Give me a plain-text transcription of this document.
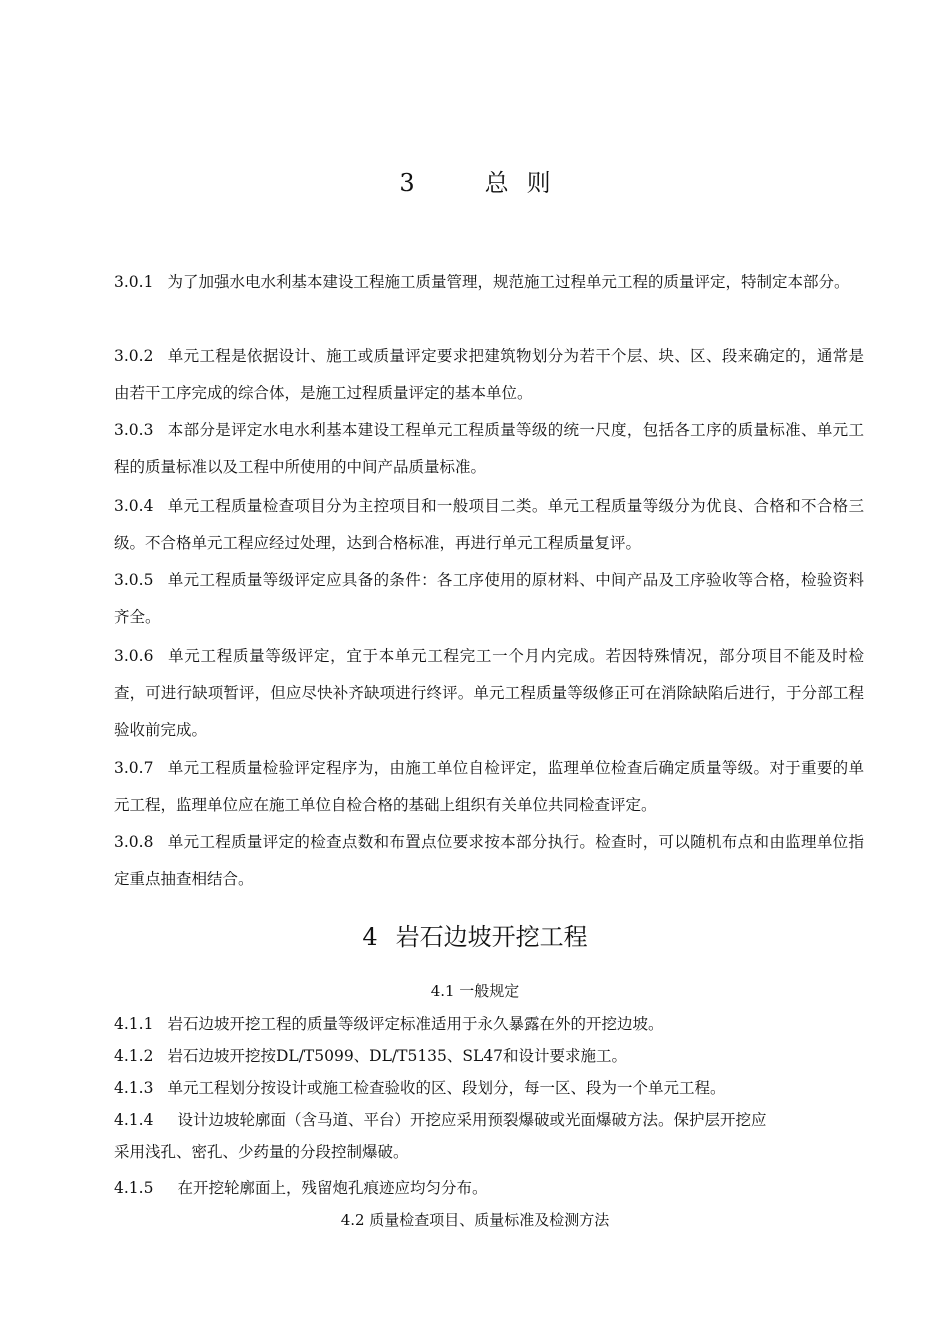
3	总则
3.0.1 为了加强水电水利基本建设工程施工质量管理，规范施工过程单元工程的质量评定，特制定本部分。
3.0.2 单元工程是依据设计、施工或质量评定要求把建筑物划分为若干个层、块、区、段来确定的，通常是由若干工序完成的综合体，是施工过程质量评定的基本单位。
3.0.3 本部分是评定水电水利基本建设工程单元工程质量等级的统一尺度，包括各工序的质量标准、单元工程的质量标准以及工程中所使用的中间产品质量标准。
3.0.4 单元工程质量检查项目分为主控项目和一般项目二类。单元工程质量等级分为优良、合格和不合格三级。不合格单元工程应经过处理，达到合格标准，再进行单元工程质量复评。
3.0.5 单元工程质量等级评定应具备的条件：各工序使用的原材料、中间产品及工序验收等合格，检验资料齐全。
3.0.6 单元工程质量等级评定，宜于本单元工程完工一个月内完成。若因特殊情况，部分项目不能及时检查，可进行缺项暂评，但应尽快补齐缺项进行终评。单元工程质量等级修正可在消除缺陷后进行，于分部工程验收前完成。
3.0.7 单元工程质量检验评定程序为，由施工单位自检评定，监理单位检查后确定质量等级。对于重要的单元工程，监理单位应在施工单位自检合格的基础上组织有关单位共同检查评定。
3.0.8 单元工程质量评定的检查点数和布置点位要求按本部分执行。检查时，可以随机布点和由监理单位指定重点抽查相结合。
4 岩石边坡开挖工程
4.1 一般规定
4.1.1 岩石边坡开挖工程的质量等级评定标准适用于永久暴露在外的开挖边坡。
4.1.2 岩石边坡开挖按DL/T5099、DL/T5135、SL47和设计要求施工。
4.1.3 单元工程划分按设计或施工检查验收的区、段划分，每一区、段为一个单元工程。
4.1.4 设计边坡轮廓面（含马道、平台）开挖应采用预裂爆破或光面爆破方法。保护层开挖应
采用浅孔、密孔、少药量的分段控制爆破。
4.1.5 在开挖轮廓面上，残留炮孔痕迹应均匀分布。
4.2 质量检查项目、质量标准及检测方法
